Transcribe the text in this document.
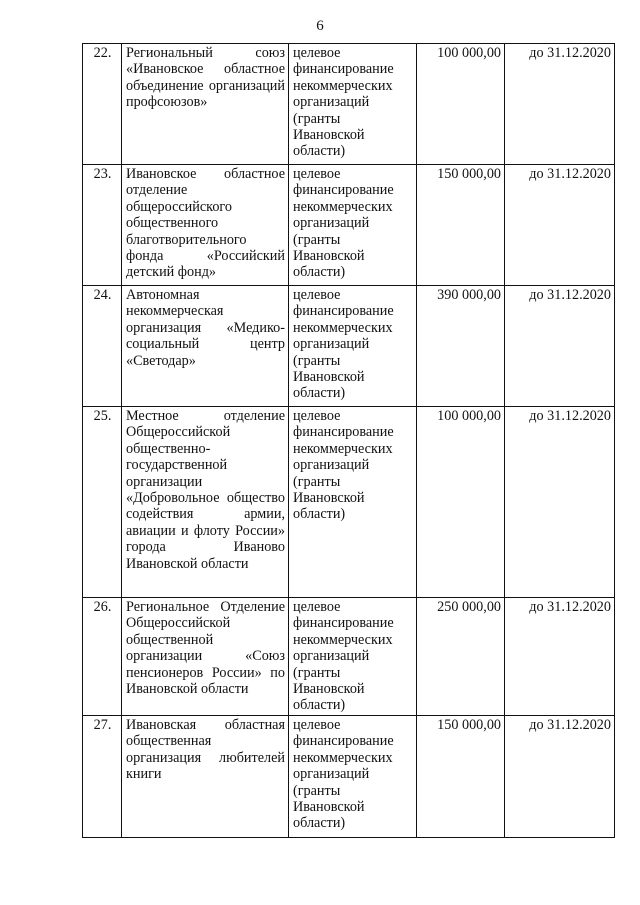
6
22.	Региональный союз «Ивановское областное объединение организаций профсоюзов»	целевое финансирование некоммерческих организаций (гранты Ивановской области)	100 000,00	до 31.12.2020
23.	Ивановское областное отделение общероссийского общественного благотворительного фонда «Российский детский фонд»	целевое финансирование некоммерческих организаций (гранты Ивановской области)	150 000,00	до 31.12.2020
24.	Автономная некоммерческая организация «Медико-социальный центр «Светодар»	целевое финансирование некоммерческих организаций (гранты Ивановской области)	390 000,00	до 31.12.2020
25.	Местное отделение Общероссийской общественно-государственной организации «Добровольное общество содействия армии, авиации и флоту России» города Иваново Ивановской области	целевое финансирование некоммерческих организаций (гранты Ивановской области)	100 000,00	до 31.12.2020
26.	Региональное Отделение Общероссийской общественной организации «Союз пенсионеров России» по Ивановской области	целевое финансирование некоммерческих организаций (гранты Ивановской области)	250 000,00	до 31.12.2020
27.	Ивановская областная общественная организация любителей книги	целевое финансирование некоммерческих организаций (гранты Ивановской области)	150 000,00	до 31.12.2020
